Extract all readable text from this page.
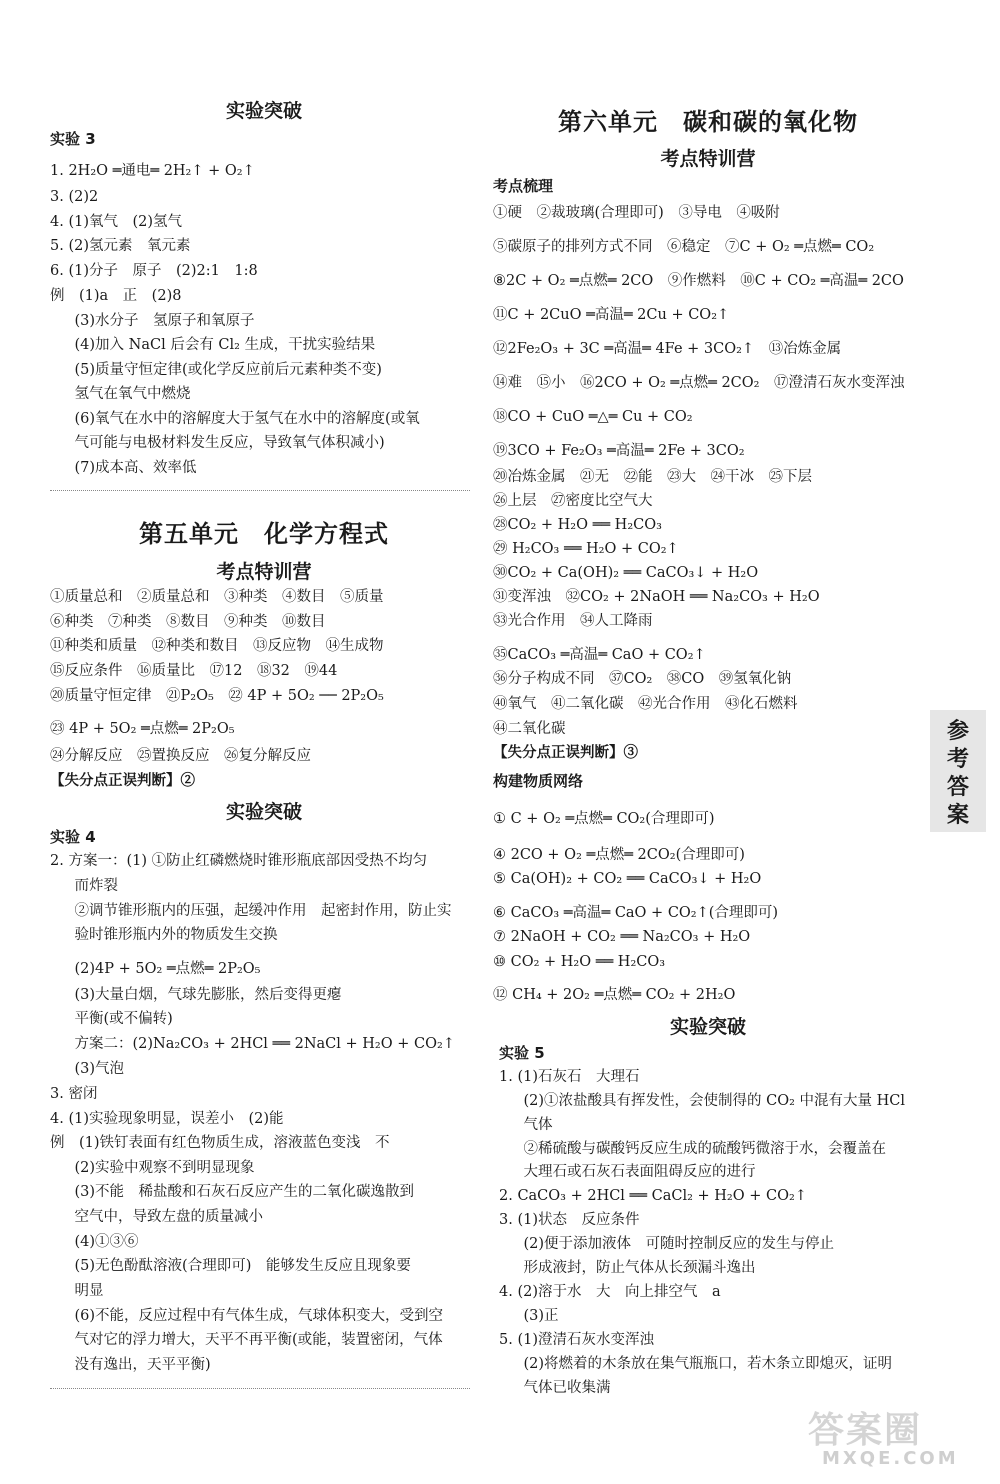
实验突破
实验 3
1. 2H₂O ═通电═ 2H₂↑ + O₂↑
3. (2)2
4. (1)氧气　(2)氢气
5. (2)氢元素　氧元素
6. (1)分子　原子　(2)2:1　1:8
例　(1)a　正　(2)8
　(3)水分子　氢原子和氧原子
　(4)加入 NaCl 后会有 Cl₂ 生成，干扰实验结果
　(5)质量守恒定律(或化学反应前后元素种类不变)
　氢气在氧气中燃烧
　(6)氧气在水中的溶解度大于氢气在水中的溶解度(或氧
　气可能与电极材料发生反应，导致氧气体积减小)
　(7)成本高、效率低
第五单元　化学方程式
考点特训营
①质量总和　②质量总和　③种类　④数目　⑤质量
⑥种类　⑦种类　⑧数目　⑨种类　⑩数目
⑪种类和质量　⑫种类和数目　⑬反应物　⑭生成物
⑮反应条件　⑯质量比　⑰12　⑱32　⑲44
⑳质量守恒定律　㉑P₂O₅　㉒ 4P + 5O₂ ── 2P₂O₅
㉓ 4P + 5O₂ ═点燃═ 2P₂O₅
㉔分解反应　㉕置换反应　㉖复分解反应
【失分点正误判断】②
实验突破
实验 4
2. 方案一：(1) ①防止红磷燃烧时锥形瓶底部因受热不均匀
　而炸裂
　②调节锥形瓶内的压强，起缓冲作用　起密封作用，防止实
　验时锥形瓶内外的物质发生交换
　(2)4P + 5O₂ ═点燃═ 2P₂O₅
　(3)大量白烟，气球先膨胀，然后变得更瘪
　平衡(或不偏转)
　方案二：(2)Na₂CO₃ + 2HCl ══ 2NaCl + H₂O + CO₂↑
　(3)气泡
3. 密闭
4. (1)实验现象明显，误差小　(2)能
例　(1)铁钉表面有红色物质生成，溶液蓝色变浅　不
　(2)实验中观察不到明显现象
　(3)不能　稀盐酸和石灰石反应产生的二氧化碳逸散到
　空气中，导致左盘的质量减小
　(4)①③⑥
　(5)无色酚酞溶液(合理即可)　能够发生反应且现象要
　明显
　(6)不能，反应过程中有气体生成，气球体积变大，受到空
　气对它的浮力增大，天平不再平衡(或能，装置密闭，气体
　没有逸出，天平平衡)
第六单元　碳和碳的氧化物
考点特训营
考点梳理
①硬　②裁玻璃(合理即可)　③导电　④吸附
⑤碳原子的排列方式不同　⑥稳定　⑦C + O₂ ═点燃═ CO₂
⑧2C + O₂ ═点燃═ 2CO　⑨作燃料　⑩C + CO₂ ═高温═ 2CO
⑪C + 2CuO ═高温═ 2Cu + CO₂↑
⑫2Fe₂O₃ + 3C ═高温═ 4Fe + 3CO₂↑　⑬冶炼金属
⑭难　⑮小　⑯2CO + O₂ ═点燃═ 2CO₂　⑰澄清石灰水变浑浊
⑱CO + CuO ═△═ Cu + CO₂
⑲3CO + Fe₂O₃ ═高温═ 2Fe + 3CO₂
⑳冶炼金属　㉑无　㉒能　㉓大　㉔干冰　㉕下层
㉖上层　㉗密度比空气大
㉘CO₂ + H₂O ══ H₂CO₃
㉙ H₂CO₃ ══ H₂O + CO₂↑
㉚CO₂ + Ca(OH)₂ ══ CaCO₃↓ + H₂O
㉛变浑浊　㉜CO₂ + 2NaOH ══ Na₂CO₃ + H₂O
㉝光合作用　㉞人工降雨
㉟CaCO₃ ═高温═ CaO + CO₂↑
㊱分子构成不同　㊲CO₂　㊳CO　㊴氢氧化钠
㊵氧气　㊶二氧化碳　㊷光合作用　㊸化石燃料
㊹二氧化碳
【失分点正误判断】③
构建物质网络
① C + O₂ ═点燃═ CO₂(合理即可)
④ 2CO + O₂ ═点燃═ 2CO₂(合理即可)
⑤ Ca(OH)₂ + CO₂ ══ CaCO₃↓ + H₂O
⑥ CaCO₃ ═高温═ CaO + CO₂↑(合理即可)
⑦ 2NaOH + CO₂ ══ Na₂CO₃ + H₂O
⑩ CO₂ + H₂O ══ H₂CO₃
⑫ CH₄ + 2O₂ ═点燃═ CO₂ + 2H₂O
实验突破
实验 5
1. (1)石灰石　大理石
　(2)①浓盐酸具有挥发性，会使制得的 CO₂ 中混有大量 HCl
　气体
　②稀硫酸与碳酸钙反应生成的硫酸钙微溶于水，会覆盖在
　大理石或石灰石表面阻碍反应的进行
2. CaCO₃ + 2HCl ══ CaCl₂ + H₂O + CO₂↑
3. (1)状态　反应条件
　(2)便于添加液体　可随时控制反应的发生与停止
　形成液封，防止气体从长颈漏斗逸出
4. (2)溶于水　大　向上排空气　a
　(3)正
5. (1)澄清石灰水变浑浊
　(2)将燃着的木条放在集气瓶瓶口，若木条立即熄灭，证明
　气体已收集满
参
考
答
案
答案圈
MXQE.COM
